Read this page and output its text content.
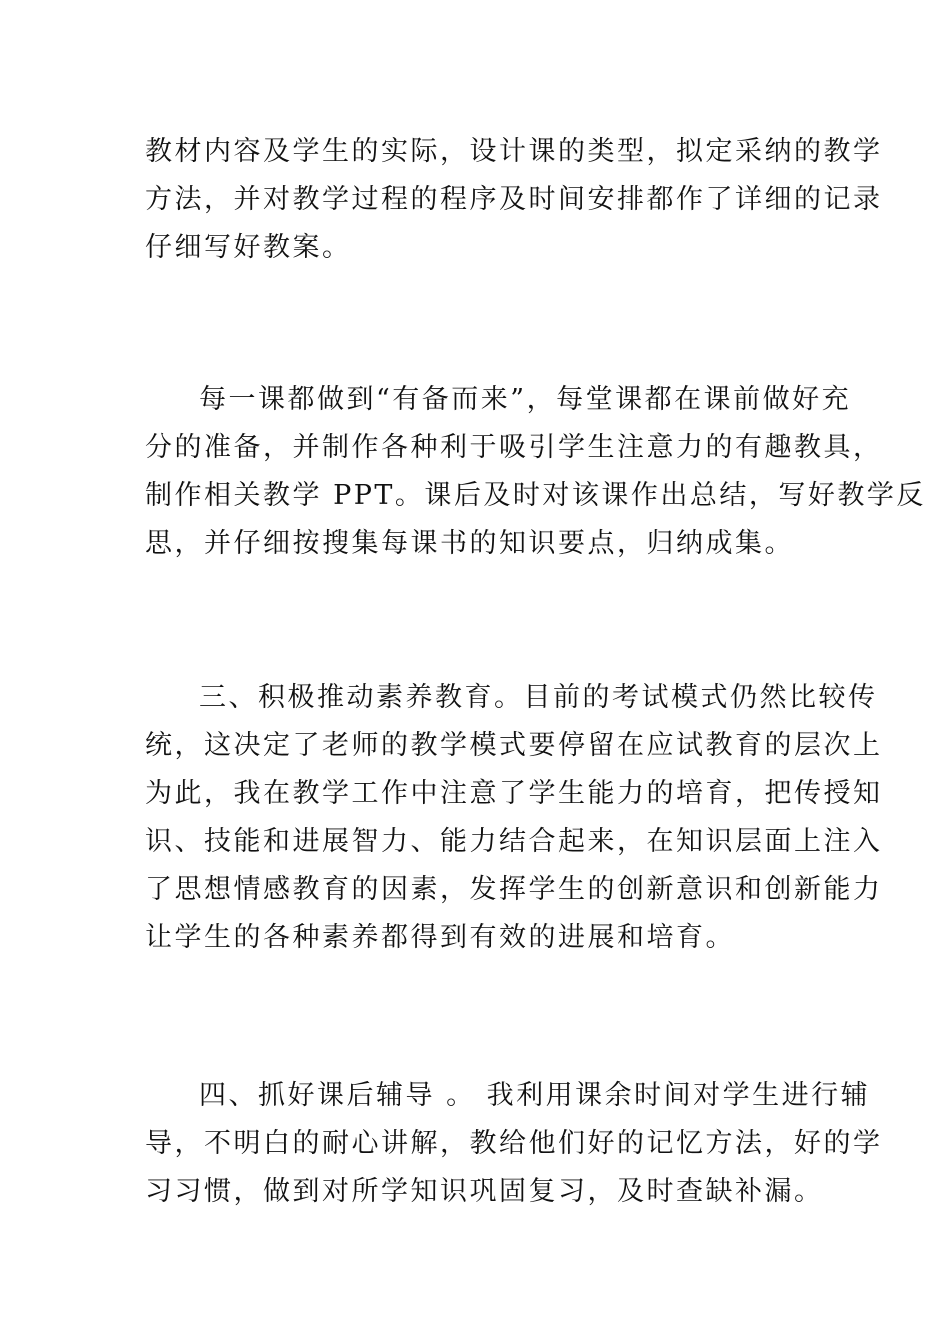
教材内容及学生的实际，设计课的类型，拟定采纳的教学
方法，并对教学过程的程序及时间安排都作了详细的记录
仔细写好教案。
每一课都做到“有备而来”，每堂课都在课前做好充
分的准备，并制作各种利于吸引学生注意力的有趣教具，
制作相关教学 PPT。课后及时对该课作出总结，写好教学反
思，并仔细按搜集每课书的知识要点，归纳成集。
三、积极推动素养教育。目前的考试模式仍然比较传
统，这决定了老师的教学模式要停留在应试教育的层次上
为此，我在教学工作中注意了学生能力的培育，把传授知
识、技能和进展智力、能力结合起来，在知识层面上注入
了思想情感教育的因素，发挥学生的创新意识和创新能力
让学生的各种素养都得到有效的进展和培育。
四、抓好课后辅导 。 我利用课余时间对学生进行辅
导，不明白的耐心讲解，教给他们好的记忆方法，好的学
习习惯，做到对所学知识巩固复习，及时查缺补漏。
